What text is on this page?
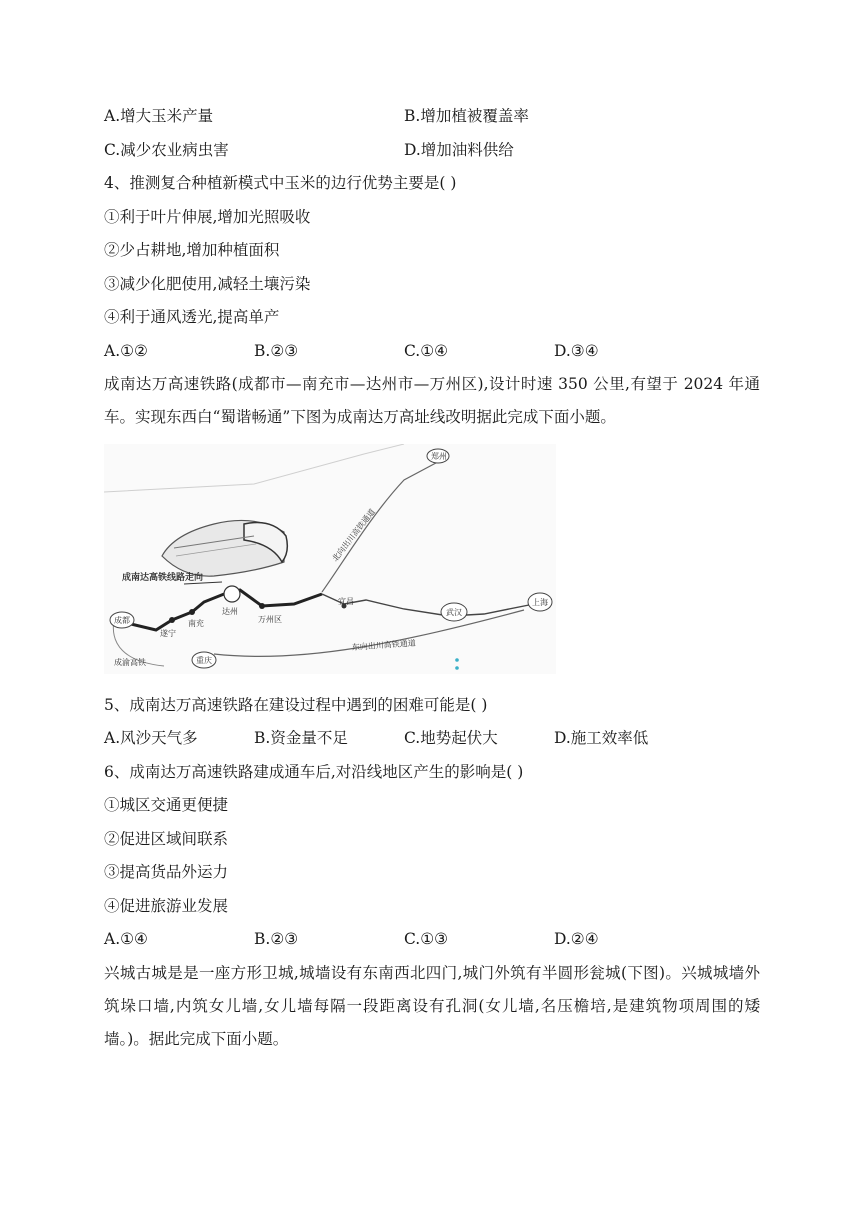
A.增大玉米产量	B.增加植被覆盖率
C.减少农业病虫害	D.增加油料供给
4、推测复合种植新模式中玉米的边行优势主要是( )
①利于叶片伸展,增加光照吸收
②少占耕地,增加种植面积
③减少化肥使用,减轻土壤污染
④利于通风透光,提高单产
A.①②	B.②③	C.①④	D.③④
成南达万高速铁路(成都市—南充市—达州市—万州区),设计时速 350 公里,有望于 2024 年通车。实现东西白“蜀谐畅通”下图为成南达万高址线改明据此完成下面小题。
北向出川高铁通道
成南达高铁线路走向
郑州
成都
遂宁
南充
达州
万州区
宜昌
武汉
上海
重庆
东向出川高铁通道
成渝高铁
5、成南达万高速铁路在建设过程中遇到的困难可能是( )
A.风沙天气多	B.资金量不足	C.地势起伏大	D.施工效率低
6、成南达万高速铁路建成通车后,对沿线地区产生的影响是( )
①城区交通更便捷
②促进区域间联系
③提高货品外运力
④促进旅游业发展
A.①④	B.②③	C.①③	D.②④
兴城古城是是一座方形卫城,城墙设有东南西北四门,城门外筑有半圆形瓮城(下图)。兴城城墙外筑垛口墙,内筑女儿墙,女儿墙每隔一段距离设有孔洞(女儿墙,名压檐培,是建筑物项周围的矮墙。)。据此完成下面小题。
